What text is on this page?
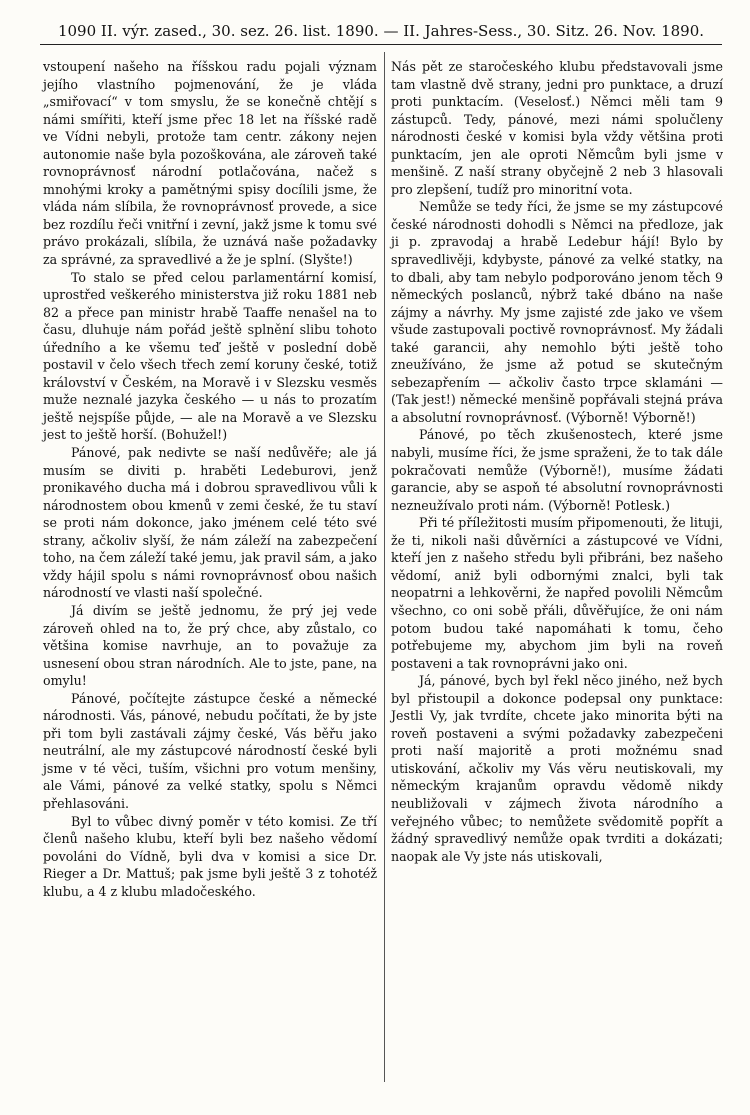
1090 II. výr. zased., 30. sez. 26. list. 1890. — II. Jahres-Sess., 30. Sitz. 26. Nov. 1890.

vstoupení našeho na říšskou radu pojali význam jejího vlastního pojmenování, že je vláda „smiřovací“ v tom smyslu, že se konečně chtějí s námi smířiti, kteří jsme přec 18 let na říšské radě ve Vídni nebyli, protože tam centr. zákony nejen autonomie naše byla pozoškována, ale zároveň také rovnoprávnosť národní potlačována, načež s mnohými kroky a pamětnými spisy docílili jsme, že vláda nám slíbila, že rovnoprávnosť provede, a sice bez rozdílu řeči vnitřní i zevní, jakž jsme k tomu své právo prokázali, slíbila, že uznává naše požadavky za správné, za spravedlivé a že je splní. (Slyšte!)

To stalo se před celou parlamentární komisí, uprostřed veškerého ministerstva již roku 1881 neb 82 a přece pan ministr hrabě Taaffe nenašel na to času, dluhuje nám pořád ještě splnění slibu tohoto úředního a ke všemu teď ještě v poslední době postavil v čelo všech třech zemí koruny české, totiž království v Českém, na Moravě i v Slezsku vesměs muže neznalé jazyka českého — u nás to prozatím ještě nejspíše půjde, — ale na Moravě a ve Slezsku jest to ještě horší. (Bohužel!)

Pánové, pak nedivte se naší nedůvěře; ale já musím se diviti p. hraběti Ledeburovi, jenž pronikavého ducha má i dobrou spravedlivou vůli k národnostem obou kmenů v zemi české, že tu staví se proti nám dokonce, jako jménem celé této své strany, ačkoliv slyší, že nám záleží na zabezpečení toho, na čem záleží také jemu, jak pravil sám, a jako vždy hájil spolu s námi rovnoprávnosť obou našich národností ve vlasti naší společné.

Já divím se ještě jednomu, že prý jej vede zároveň ohled na to, že prý chce, aby zůstalo, co většina komise navrhuje, an to považuje za usnesení obou stran národních. Ale to jste, pane, na omylu!

Pánové, počítejte zástupce české a německé národnosti. Vás, pánové, nebudu počítati, že by jste při tom byli zastávali zájmy české, Vás běřu jako neutrální, ale my zástupcové národností české byli jsme v té věci, tuším, všichni pro votum menšiny, ale Vámi, pánové za velké statky, spolu s Němci přehlasováni.

Byl to vůbec divný poměr v této komisi. Ze tří členů našeho klubu, kteří byli bez našeho vědomí povoláni do Vídně, byli dva v komisi a sice Dr. Rieger a Dr. Mattuš; pak jsme byli ještě 3 z tohotéž klubu, a 4 z klubu mladočeského.

Nás pět ze staročeského klubu představovali jsme tam vlastně dvě strany, jedni pro punktace, a druzí proti punktacím. (Veselosť.) Němci měli tam 9 zástupců. Tedy, pánové, mezi námi spolučleny národnosti české v komisi byla vždy většina proti punktacím, jen ale oproti Němcům byli jsme v menšině. Z naší strany obyčejně 2 neb 3 hlasovali pro zlepšení, tudíž pro minoritní vota.

Nemůže se tedy říci, že jsme se my zástupcové české národnosti dohodli s Němci na předloze, jak ji p. zpravodaj a hrabě Ledebur hájí! Bylo by spravedlivěji, kdybyste, pánové za velké statky, na to dbali, aby tam nebylo podporováno jenom těch 9 německých poslanců, nýbrž také dbáno na naše zájmy a návrhy. My jsme zajisté zde jako ve všem všude zastupovali poctivě rovnoprávnosť. My žádali také garancii, ahy nemohlo býti ještě toho zneužíváno, že jsme až potud se skutečným sebezapřením — ačkoliv často trpce sklamáni — (Tak jest!) německé menšině popřávali stejná práva a absolutní rovnoprávnosť. (Výborně! Výborně!)

Pánové, po těch zkušenostech, které jsme nabyli, musíme říci, že jsme spraženi, že to tak dále pokračovati nemůže (Výborně!), musíme žádati garancie, aby se aspoň té absolutní rovnoprávnosti nezneužívalo proti nám. (Výborně! Potlesk.)

Při té příležitosti musím připomenouti, že lituji, že ti, nikoli naši důvěrníci a zástupcové ve Vídni, kteří jen z našeho středu byli přibráni, bez našeho vědomí, aniž byli odbornými znalci, byli tak neopatrni a lehkověrni, že napřed povolili Němcům všechno, co oni sobě přáli, důvěřujíce, že oni nám potom budou také napomáhati k tomu, čeho potřebujeme my, abychom jim byli na roveň postaveni a tak rovnoprávni jako oni.

Já, pánové, bych byl řekl něco jiného, než bych byl přistoupil a dokonce podepsal ony punktace: Jestli Vy, jak tvrdíte, chcete jako minorita býti na roveň postaveni a svými požadavky zabezpečeni proti naší majoritě a proti možnému snad utiskování, ačkoliv my Vás věru neutiskovali, my německým krajanům opravdu vědomě nikdy neubližovali v zájmech života národního a veřejného vůbec; to nemůžete svědomitě popřít a žádný spravedlivý nemůže opak tvrditi a dokázati; naopak ale Vy jste nás utiskovali,
